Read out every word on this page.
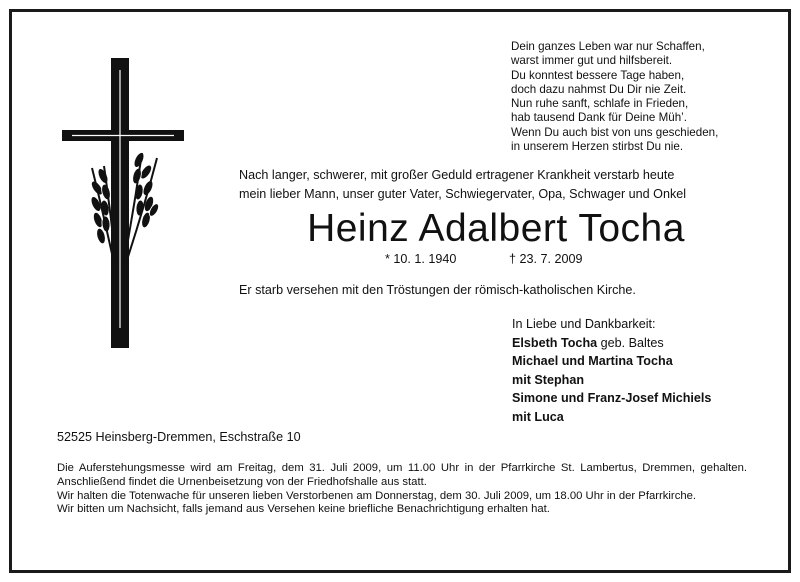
Dein ganzes Leben war nur Schaffen,
warst immer gut und hilfsbereit.
Du konntest bessere Tage haben,
doch dazu nahmst Du Dir nie Zeit.
Nun ruhe sanft, schlafe in Frieden,
hab tausend Dank für Deine Müh’.
Wenn Du auch bist von uns geschieden,
in unserem Herzen stirbst Du nie.
Nach langer, schwerer, mit großer Geduld ertragener Krankheit verstarb heute
mein lieber Mann, unser guter Vater, Schwiegervater, Opa, Schwager und Onkel
Heinz Adalbert Tocha
* 10. 1. 1940	† 23. 7. 2009
Er starb versehen mit den Tröstungen der römisch-katholischen Kirche.
In Liebe und Dankbarkeit:
Elsbeth Tocha geb. Baltes
Michael und Martina Tocha
mit Stephan
Simone und Franz-Josef Michiels
mit Luca
52525 Heinsberg-Dremmen, Eschstraße 10

Die Auferstehungsmesse wird am Freitag, dem 31. Juli 2009, um 11.00 Uhr in der Pfarrkirche St. Lambertus, Dremmen, gehalten. Anschließend findet die Urnenbeisetzung von der Friedhofshalle aus statt.

Wir halten die Totenwache für unseren lieben Verstorbenen am Donnerstag, dem 30. Juli 2009, um 18.00 Uhr in der Pfarrkirche.

Wir bitten um Nachsicht, falls jemand aus Versehen keine briefliche Benachrichtigung erhalten hat.
